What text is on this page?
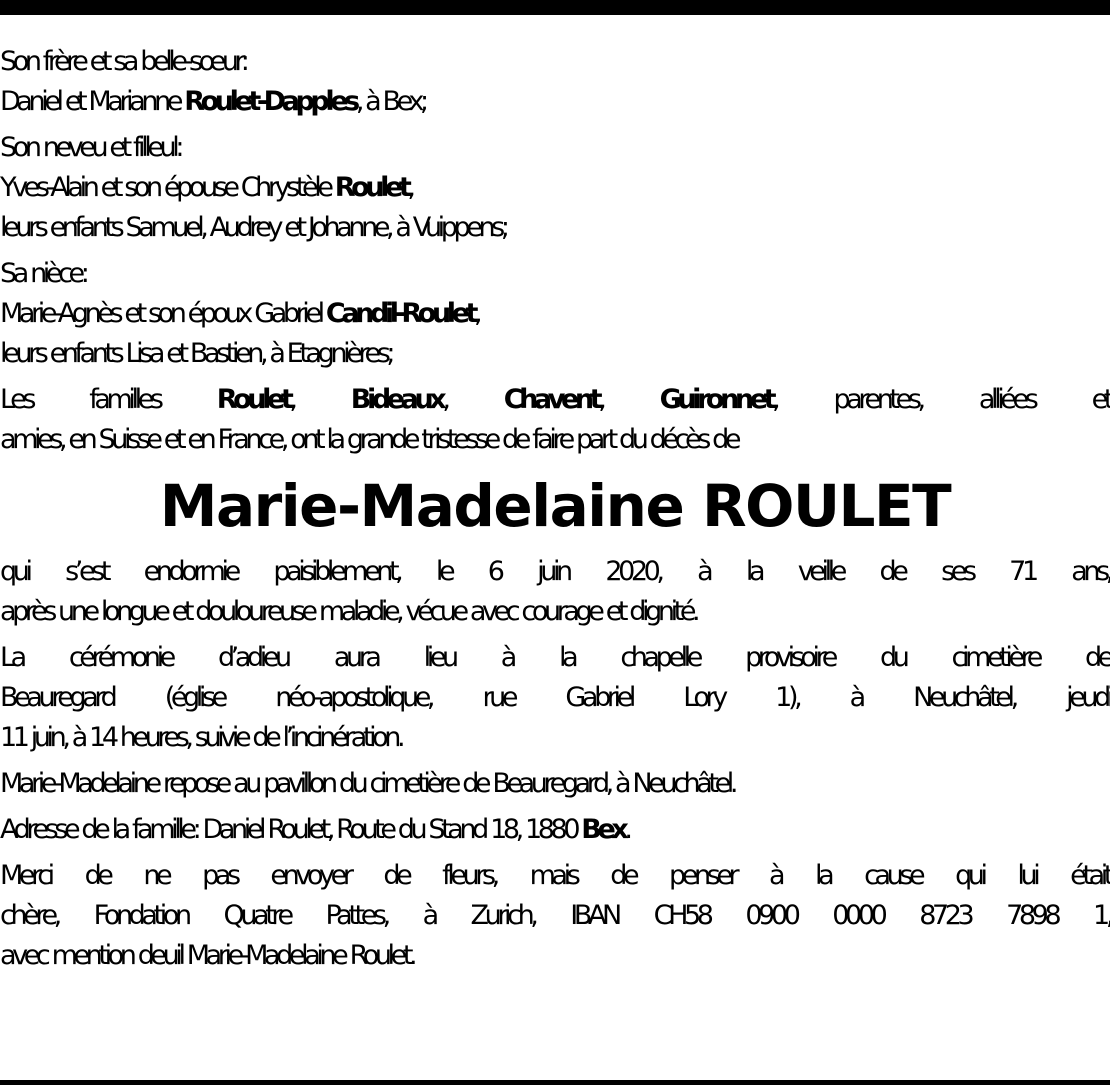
Son frère et sa belle-sœur:
Daniel et Marianne Roulet-Dapples, à Bex;
Son neveu et filleul:
Yves-Alain et son épouse Chrystèle Roulet,
leurs enfants Samuel, Audrey et Johanne, à Vuippens;
Sa nièce:
Marie-Agnès et son époux Gabriel Candil-Roulet,
leurs enfants Lisa et Bastien, à Etagnières;
Les familles Roulet, Bideaux, Chavent, Guironnet, parentes, alliées et
amies, en Suisse et en France, ont la grande tristesse de faire part du décès de
Marie-Madelaine ROULET
qui s’est endormie paisiblement, le 6 juin 2020, à la veille de ses 71 ans,
après une longue et douloureuse maladie, vécue avec courage et dignité.
La cérémonie d’adieu aura lieu à la chapelle provisoire du cimetière de
Beauregard (église néo-apostolique, rue Gabriel Lory 1), à Neuchâtel, jeudi
11 juin, à 14 heures, suivie de l’incinération.
Marie-Madelaine repose au pavillon du cimetière de Beauregard, à Neuchâtel.
Adresse de la famille: Daniel Roulet, Route du Stand 18, 1880 Bex.
Merci de ne pas envoyer de fleurs, mais de penser à la cause qui lui était
chère, Fondation Quatre Pattes, à Zurich, IBAN CH58 0900 0000 8723 7898 1,
avec mention deuil Marie-Madelaine Roulet.
